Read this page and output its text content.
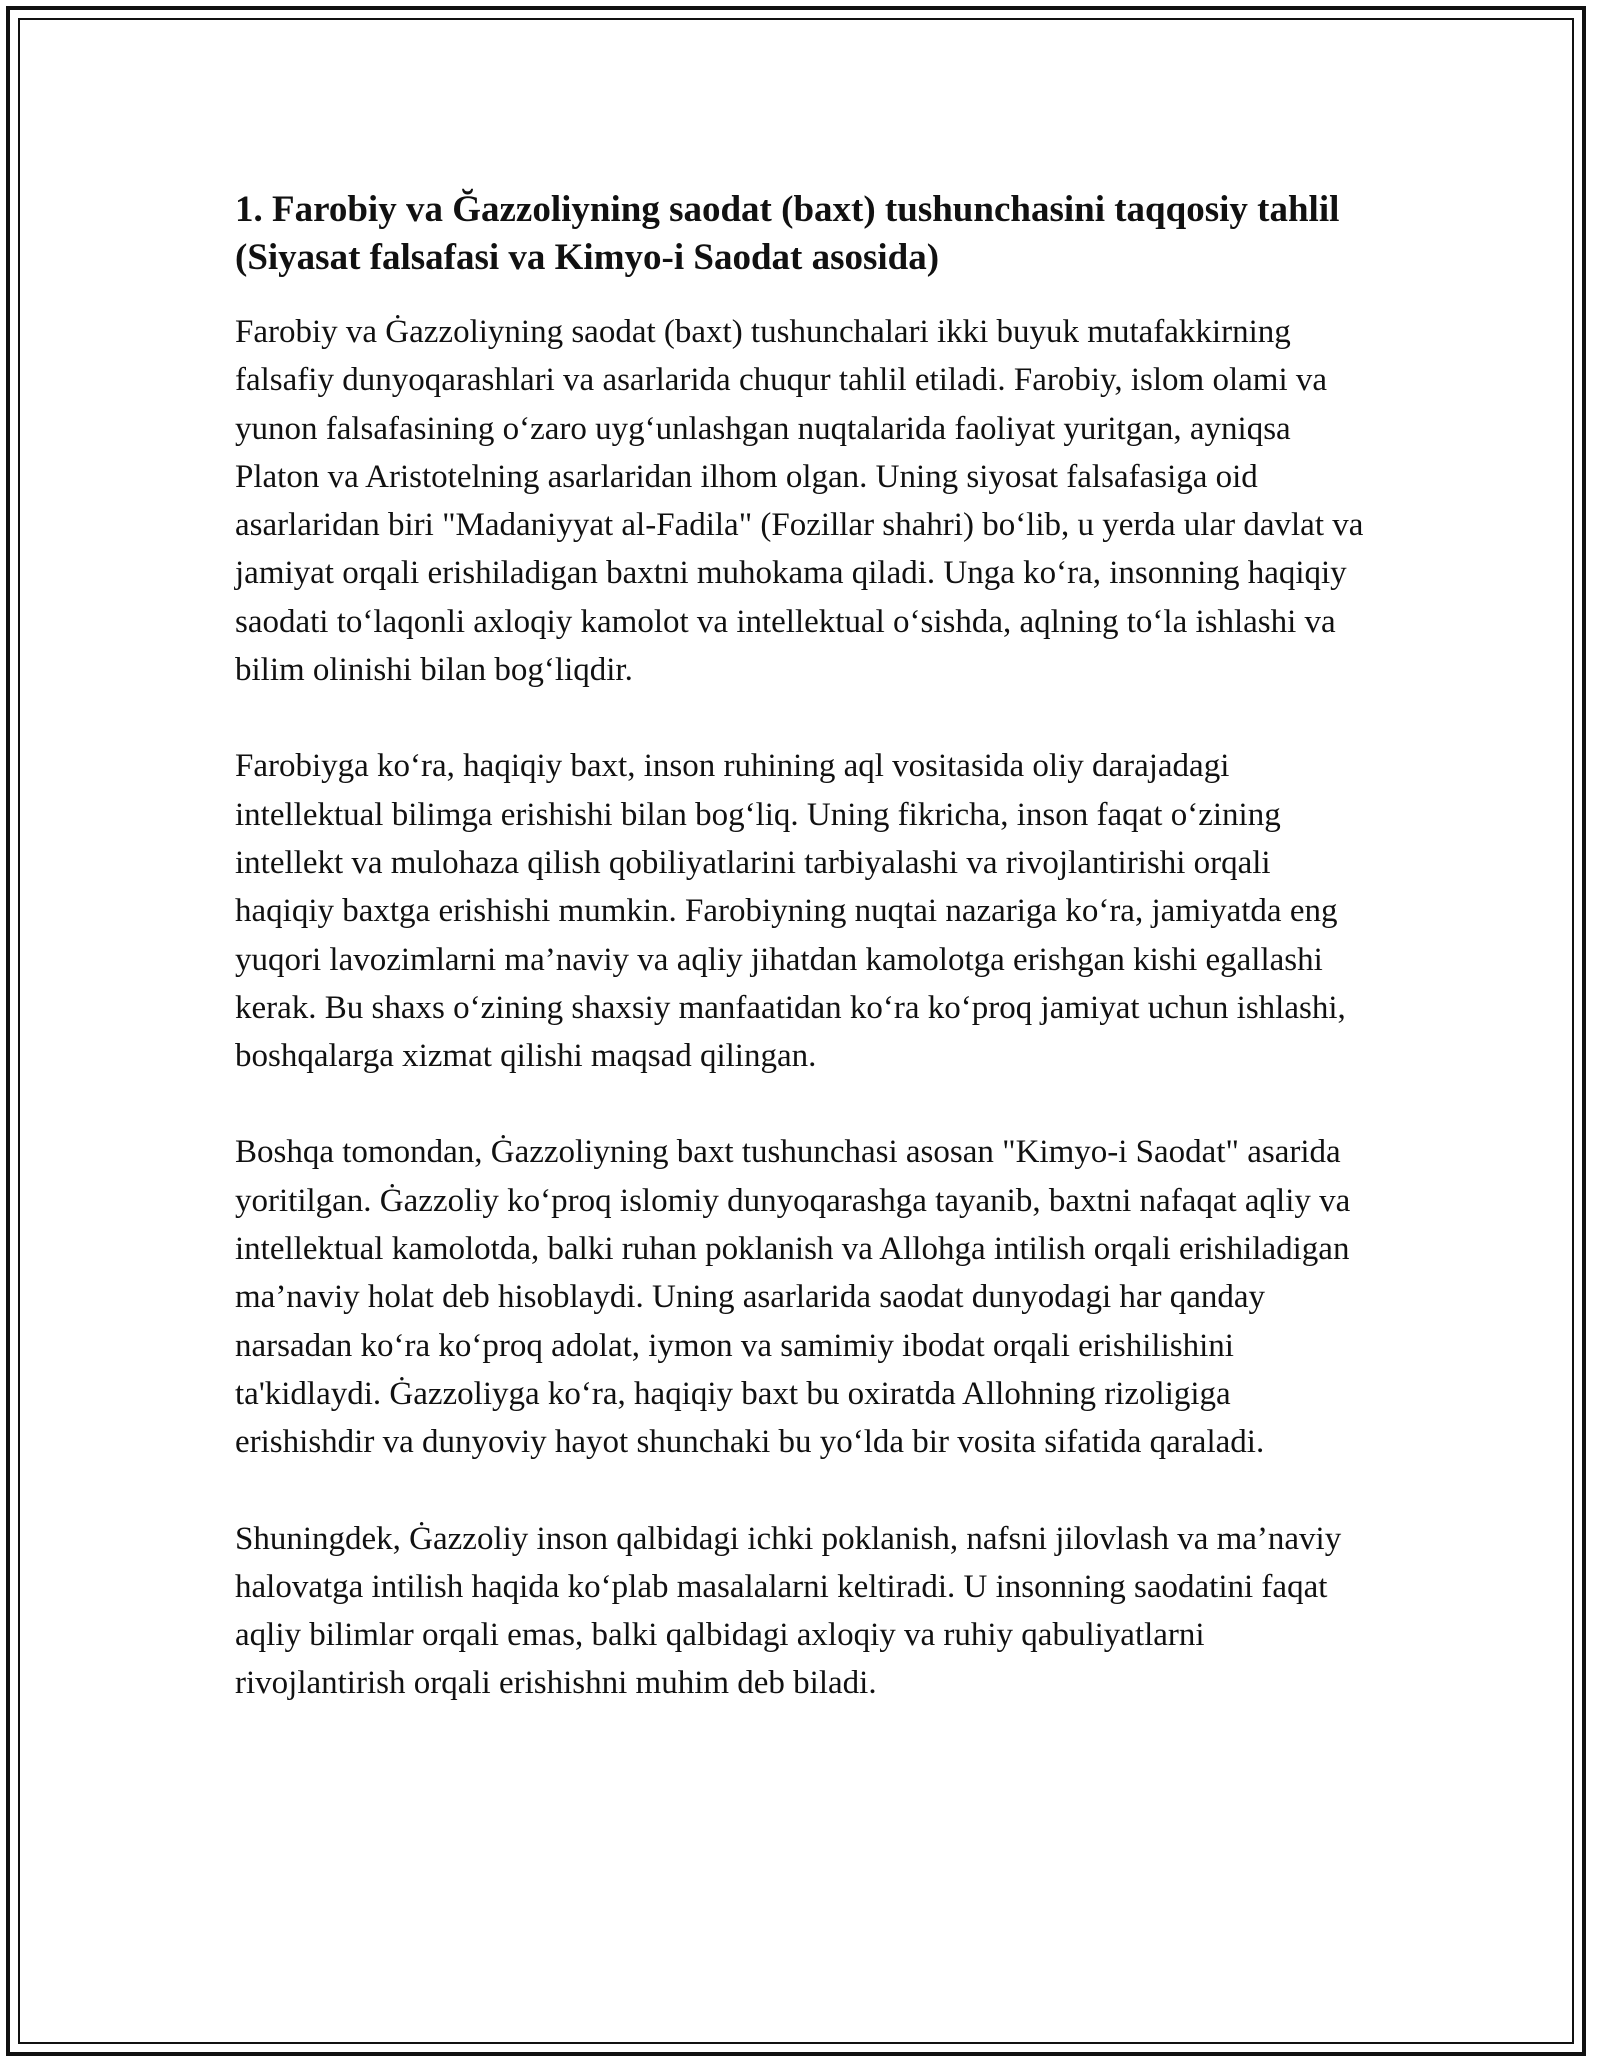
1. Farobiy va Ğazzoliyning saodat (baxt) tushunchasini taqqosiy tahlil (Siyasat falsafasi va Kimyo-i Saodat asosida)

Farobiy va Ġazzoliyning saodat (baxt) tushunchalari ikki buyuk mutafakkirning falsafiy dunyoqarashlari va asarlarida chuqur tahlil etiladi. Farobiy, islom olami va yunon falsafasining o‘zaro uyg‘unlashgan nuqtalarida faoliyat yuritgan, ayniqsa Platon va Aristotelning asarlaridan ilhom olgan. Uning siyosat falsafasiga oid asarlaridan biri "Madaniyyat al-Fadila" (Fozillar shahri) bo‘lib, u yerda ular davlat va jamiyat orqali erishiladigan baxtni muhokama qiladi. Unga ko‘ra, insonning haqiqiy saodati to‘laqonli axloqiy kamolot va intellektual o‘sishda, aqlning to‘la ishlashi va bilim olinishi bilan bog‘liqdir.

Farobiyga ko‘ra, haqiqiy baxt, inson ruhining aql vositasida oliy darajadagi intellektual bilimga erishishi bilan bog‘liq. Uning fikricha, inson faqat o‘zining intellekt va mulohaza qilish qobiliyatlarini tarbiyalashi va rivojlantirishi orqali haqiqiy baxtga erishishi mumkin. Farobiyning nuqtai nazariga ko‘ra, jamiyatda eng yuqori lavozimlarni ma’naviy va aqliy jihatdan kamolotga erishgan kishi egallashi kerak. Bu shaxs o‘zining shaxsiy manfaatidan ko‘ra ko‘proq jamiyat uchun ishlashi, boshqalarga xizmat qilishi maqsad qilingan.

Boshqa tomondan, Ġazzoliyning baxt tushunchasi asosan "Kimyo-i Saodat" asarida yoritilgan. Ġazzoliy ko‘proq islomiy dunyoqarashga tayanib, baxtni nafaqat aqliy va intellektual kamolotda, balki ruhan poklanish va Allohga intilish orqali erishiladigan ma’naviy holat deb hisoblaydi. Uning asarlarida saodat dunyodagi har qanday narsadan ko‘ra ko‘proq adolat, iymon va samimiy ibodat orqali erishilishini ta'kidlaydi. Ġazzoliyga ko‘ra, haqiqiy baxt bu oxiratda Allohning rizoligiga erishishdir va dunyoviy hayot shunchaki bu yo‘lda bir vosita sifatida qaraladi.

Shuningdek, Ġazzoliy inson qalbidagi ichki poklanish, nafsni jilovlash va ma’naviy halovatga intilish haqida ko‘plab masalalarni keltiradi. U insonning saodatini faqat aqliy bilimlar orqali emas, balki qalbidagi axloqiy va ruhiy qabuliyatlarni rivojlantirish orqali erishishni muhim deb biladi.
